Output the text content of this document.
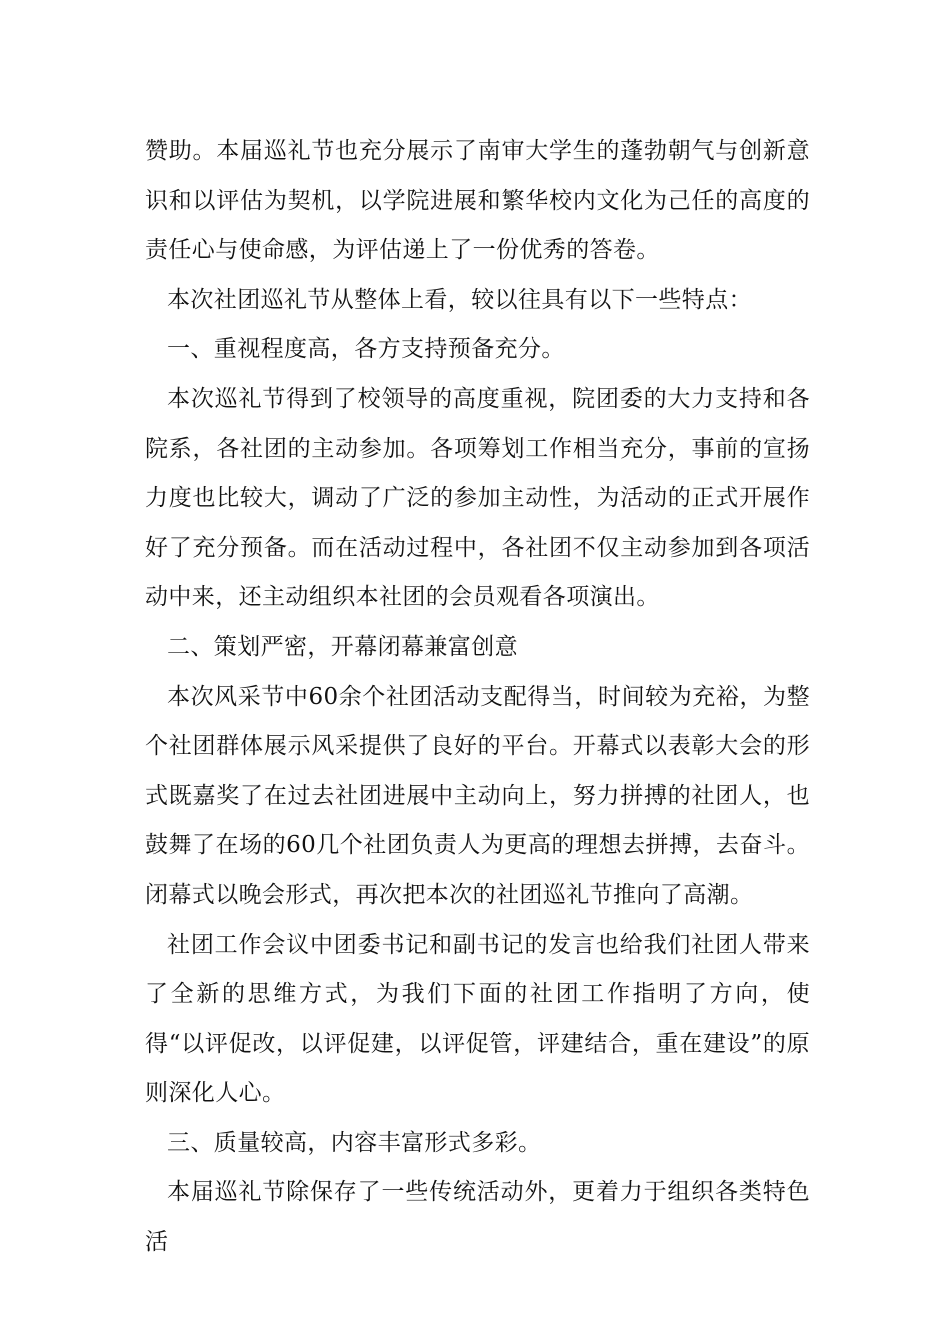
赞助。本届巡礼节也充分展示了南审大学生的蓬勃朝气与创新意识和以评估为契机，以学院进展和繁华校内文化为己任的高度的责任心与使命感，为评估递上了一份优秀的答卷。

本次社团巡礼节从整体上看，较以往具有以下一些特点：

一、重视程度高，各方支持预备充分。

本次巡礼节得到了校领导的高度重视，院团委的大力支持和各院系，各社团的主动参加。各项筹划工作相当充分，事前的宣扬力度也比较大，调动了广泛的参加主动性，为活动的正式开展作好了充分预备。而在活动过程中，各社团不仅主动参加到各项活动中来，还主动组织本社团的会员观看各项演出。

二、策划严密，开幕闭幕兼富创意

本次风采节中60余个社团活动支配得当，时间较为充裕，为整个社团群体展示风采提供了良好的平台。开幕式以表彰大会的形式既嘉奖了在过去社团进展中主动向上，努力拼搏的社团人，也鼓舞了在场的60几个社团负责人为更高的理想去拼搏，去奋斗。闭幕式以晚会形式，再次把本次的社团巡礼节推向了高潮。

社团工作会议中团委书记和副书记的发言也给我们社团人带来了全新的思维方式，为我们下面的社团工作指明了方向，使得“以评促改，以评促建，以评促管，评建结合，重在建设”的原则深化人心。

三、质量较高，内容丰富形式多彩。

本届巡礼节除保存了一些传统活动外，更着力于组织各类特色活
